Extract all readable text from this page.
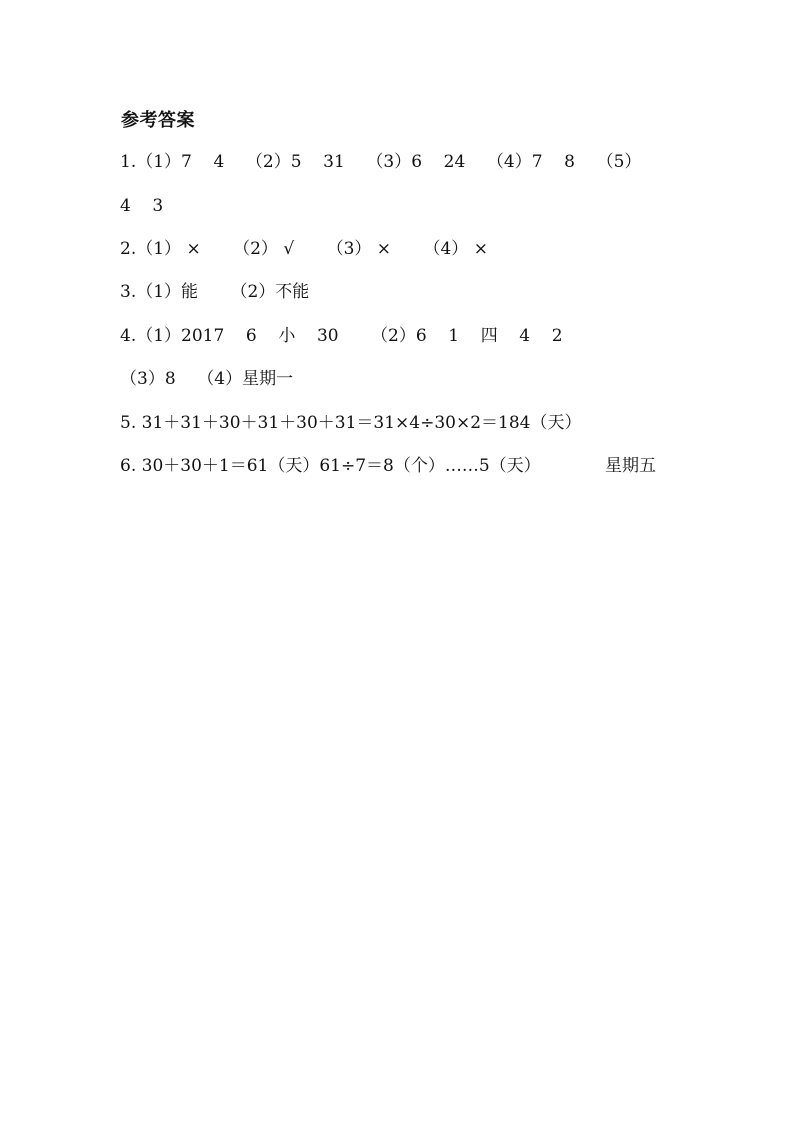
参考答案
1.（1）7    4    （2）5    31    （3）6    24    （4）7    8    （5）
4    3
2.（1） ×      （2） √      （3） ×      （4） ×
3.（1）能      （2）不能
4.（1）2017    6    小    30      （2）6    1    四    4    2
（3）8    （4）星期一
5. 31＋31＋30＋31＋30＋31＝31×4÷30×2＝184（天）
6. 30＋30＋1＝61（天）61÷7＝8（个）……5（天）	星期五
